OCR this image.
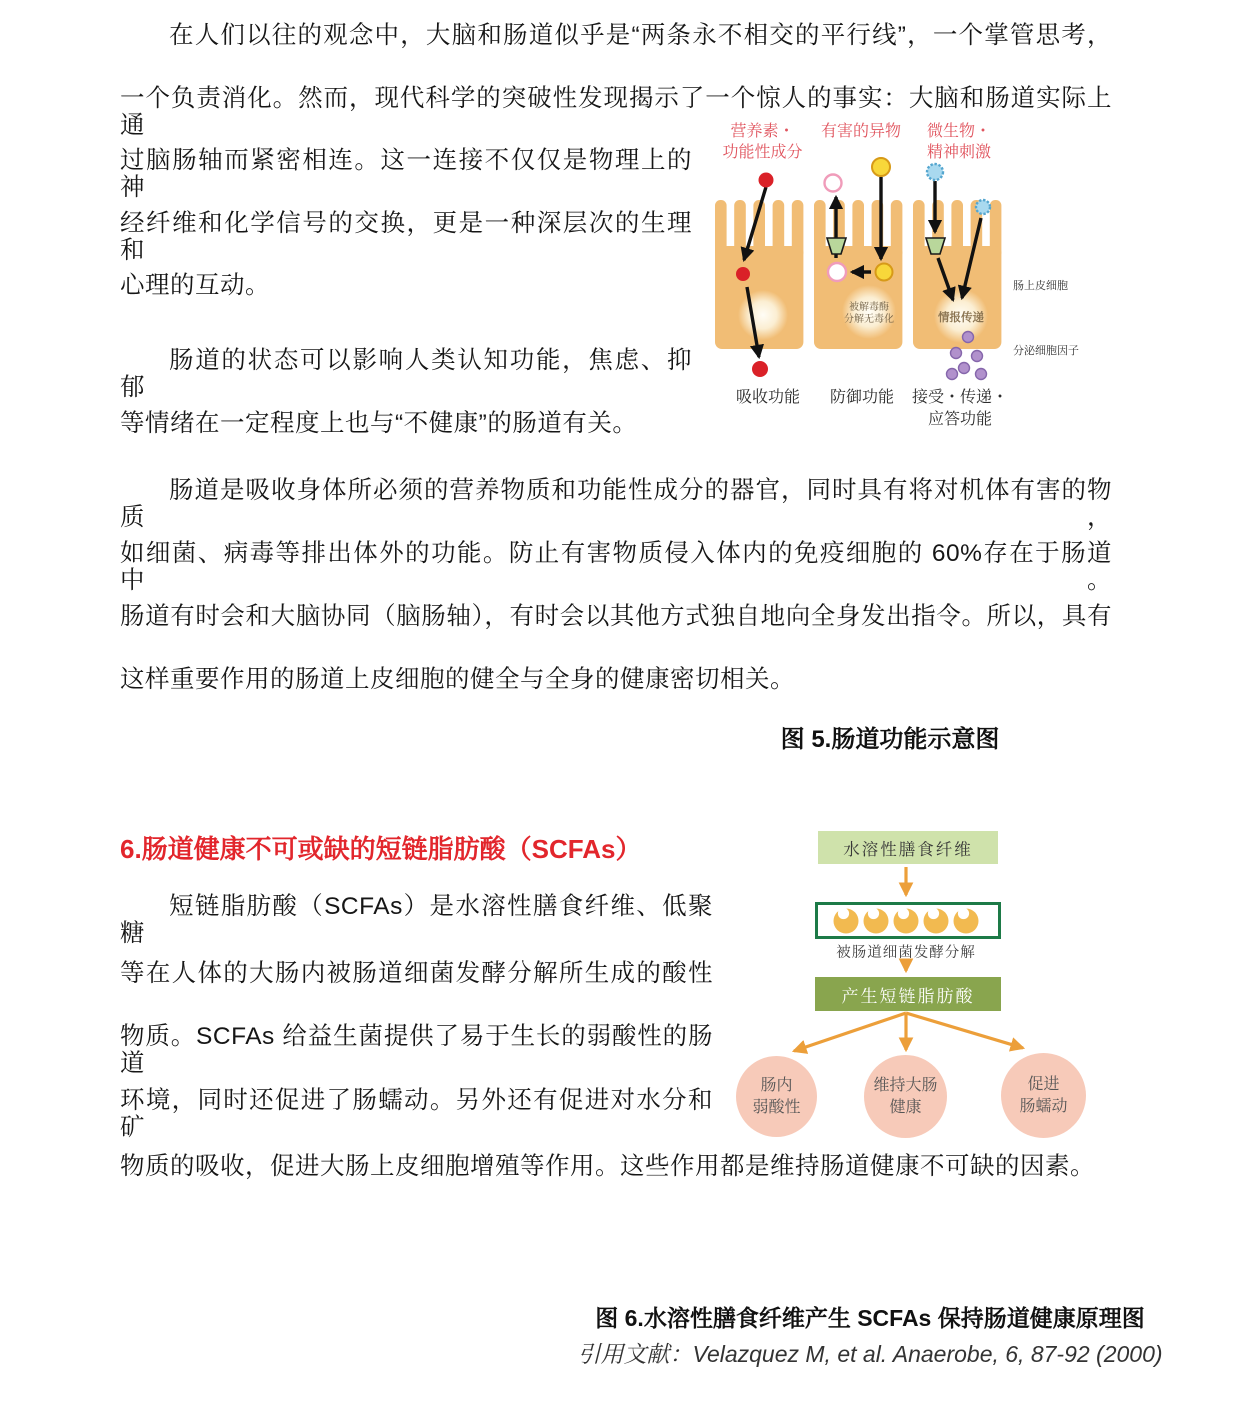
在人们以往的观念中，大脑和肠道似乎是“两条永不相交的平行线”，一个掌管思考，
一个负责消化。然而，现代科学的突破性发现揭示了一个惊人的事实：大脑和肠道实际上通
过脑肠轴而紧密相连。这一连接不仅仅是物理上的神
经纤维和化学信号的交换，更是一种深层次的生理和
心理的互动。
肠道的状态可以影响人类认知功能，焦虑、抑郁
等情绪在一定程度上也与“不健康”的肠道有关。
肠道是吸收身体所必须的营养物质和功能性成分的器官，同时具有将对机体有害的物质，
如细菌、病毒等排出体外的功能。防止有害物质侵入体内的免疫细胞的 60%存在于肠道中。
肠道有时会和大脑协同（脑肠轴），有时会以其他方式独自地向全身发出指令。所以，具有
这样重要作用的肠道上皮细胞的健全与全身的健康密切相关。
图 5.肠道功能示意图
6.肠道健康不可或缺的短链脂肪酸（SCFAs）
短链脂肪酸（SCFAs）是水溶性膳食纤维、低聚糖
等在人体的大肠内被肠道细菌发酵分解所生成的酸性
物质。SCFAs 给益生菌提供了易于生长的弱酸性的肠道
环境，同时还促进了肠蠕动。另外还有促进对水分和矿
物质的吸收，促进大肠上皮细胞增殖等作用。这些作用都是维持肠道健康不可缺的因素。
图 6.水溶性膳食纤维产生 SCFAs 保持肠道健康原理图
引用文献：Velazquez M, et al. Anaerobe, 6, 87-92 (2000)
被解毒酶
分解无毒化	情报传递
营养素・
功能性成分
有害的异物	微生物・
精神刺激
吸收功能	防御功能	接受・传递・
应答功能
肠上皮细胞
分泌细胞因子
水溶性膳食纤维
被肠道细菌发酵分解
产生短链脂肪酸
肠内
弱酸性
维持大肠
健康
促进
肠蠕动
